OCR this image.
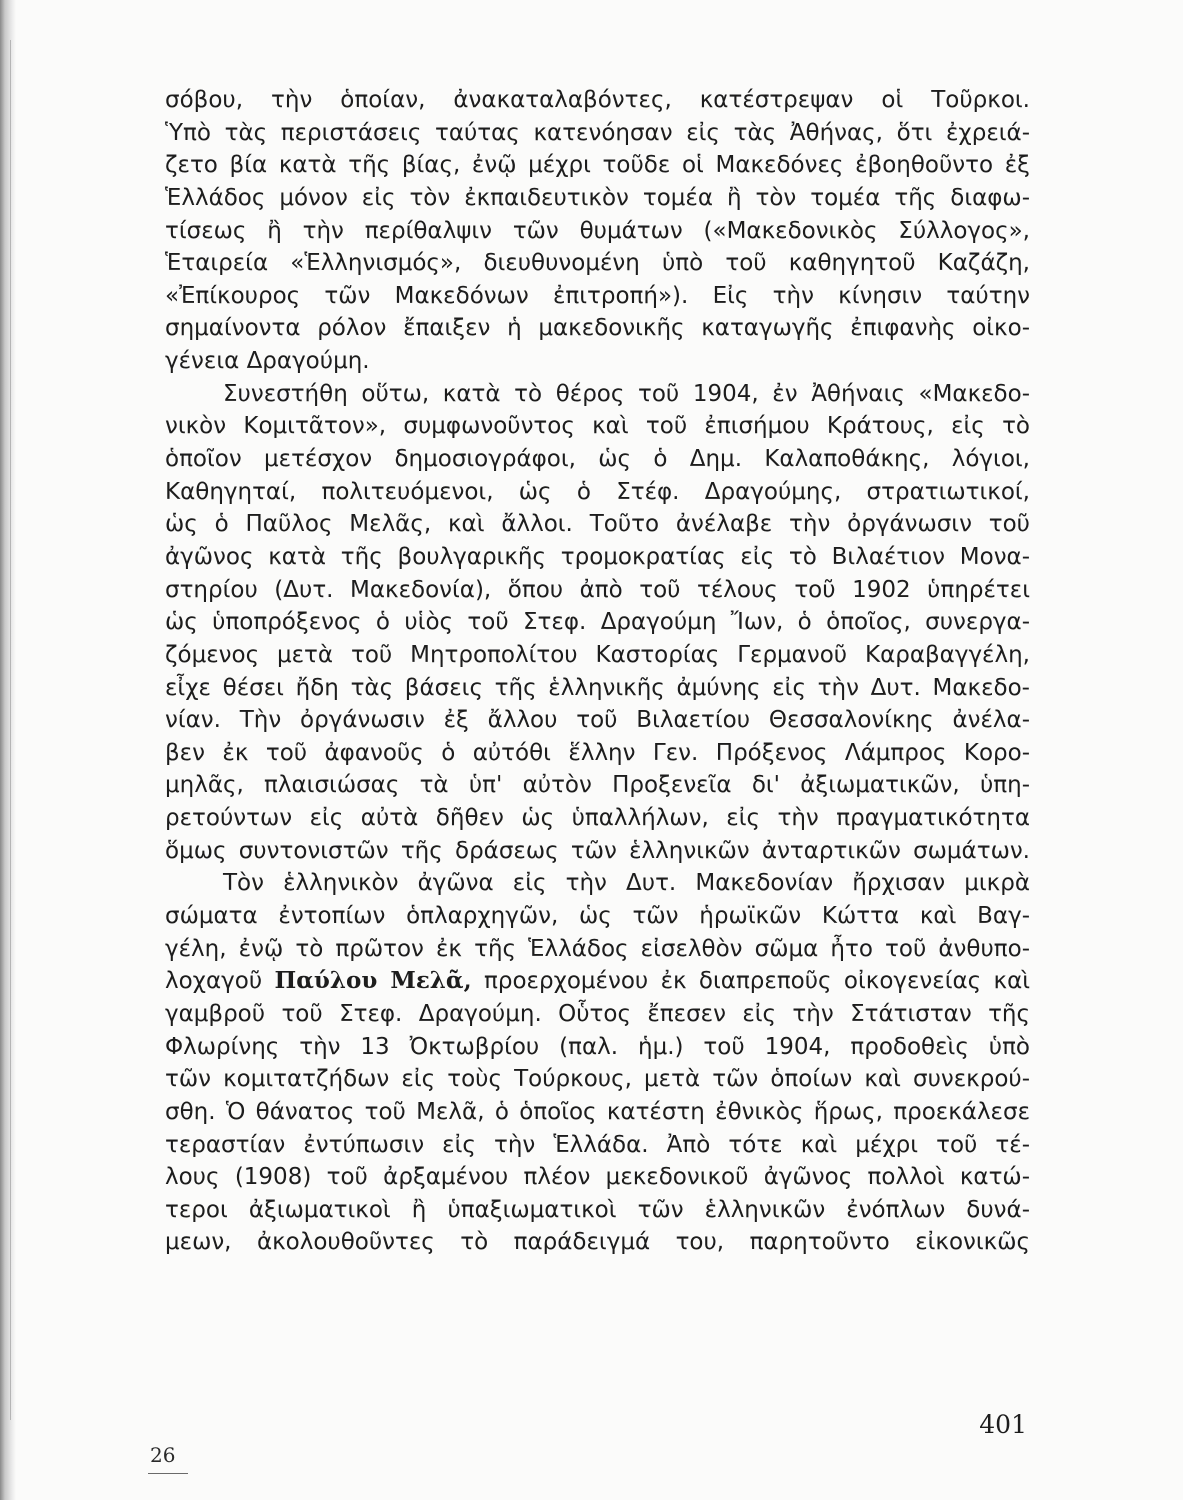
σόβου, τὴν ὁποίαν, ἀνακαταλαβόντες, κατέστρεψαν οἱ Τοῦρκοι.
Ὑπὸ τὰς περιστάσεις ταύτας κατενόησαν εἰς τὰς Ἀθήνας, ὅτι ἐχρειά-
ζετο βία κατὰ τῆς βίας, ἐνῷ μέχρι τοῦδε οἱ Μακεδόνες ἐβοηθοῦντο ἐξ
Ἑλλάδος μόνον εἰς τὸν ἐκπαιδευτικὸν τομέα ἢ τὸν τομέα τῆς διαφω-
τίσεως ἢ τὴν περίθαλψιν τῶν θυμάτων («Μακεδονικὸς Σύλλογος»,
Ἑταιρεία «Ἑλληνισμός», διευθυνομένη ὑπὸ τοῦ καθηγητοῦ Καζάζη,
«Ἐπίκουρος τῶν Μακεδόνων ἐπιτροπή»). Εἰς τὴν κίνησιν ταύτην
σημαίνοντα ρόλον ἔπαιξεν ἡ μακεδονικῆς καταγωγῆς ἐπιφανὴς οἰκο-
γένεια Δραγούμη.
Συνεστήθη οὕτω, κατὰ τὸ θέρος τοῦ 1904, ἐν Ἀθήναις «Μακεδο-
νικὸν Κομιτᾶτον», συμφωνοῦντος καὶ τοῦ ἐπισήμου Κράτους, εἰς τὸ
ὁποῖον μετέσχον δημοσιογράφοι, ὡς ὁ Δημ. Καλαποθάκης, λόγιοι,
Καθηγηταί, πολιτευόμενοι, ὡς ὁ Στέφ. Δραγούμης, στρατιωτικοί,
ὡς ὁ Παῦλος Μελᾶς, καὶ ἄλλοι. Τοῦτο ἀνέλαβε τὴν ὀργάνωσιν τοῦ
ἀγῶνος κατὰ τῆς βουλγαρικῆς τρομοκρατίας εἰς τὸ Βιλαέτιον Μονα-
στηρίου (Δυτ. Μακεδονία), ὅπου ἀπὸ τοῦ τέλους τοῦ 1902 ὑπηρέτει
ὡς ὑποπρόξενος ὁ υἱὸς τοῦ Στεφ. Δραγούμη Ἴων, ὁ ὁποῖος, συνεργα-
ζόμενος μετὰ τοῦ Μητροπολίτου Καστορίας Γερμανοῦ Καραβαγγέλη,
εἶχε θέσει ἤδη τὰς βάσεις τῆς ἑλληνικῆς ἀμύνης εἰς τὴν Δυτ. Μακεδο-
νίαν. Τὴν ὀργάνωσιν ἐξ ἄλλου τοῦ Βιλαετίου Θεσσαλονίκης ἀνέλα-
βεν ἐκ τοῦ ἀφανοῦς ὁ αὐτόθι ἕλλην Γεν. Πρόξενος Λάμπρος Κορο-
μηλᾶς, πλαισιώσας τὰ ὑπ' αὐτὸν Προξενεῖα δι' ἀξιωματικῶν, ὑπη-
ρετούντων εἰς αὐτὰ δῆθεν ὡς ὑπαλλήλων, εἰς τὴν πραγματικότητα
ὅμως συντονιστῶν τῆς δράσεως τῶν ἑλληνικῶν ἀνταρτικῶν σωμάτων.
Τὸν ἑλληνικὸν ἀγῶνα εἰς τὴν Δυτ. Μακεδονίαν ἤρχισαν μικρὰ
σώματα ἐντοπίων ὁπλαρχηγῶν, ὡς τῶν ἡρωϊκῶν Κώττα καὶ Βαγ-
γέλη, ἐνῷ τὸ πρῶτον ἐκ τῆς Ἑλλάδος εἰσελθὸν σῶμα ἦτο τοῦ ἀνθυπο-
λοχαγοῦ Παύλου Μελᾶ, προερχομένου ἐκ διαπρεποῦς οἰκογενείας καὶ
γαμβροῦ τοῦ Στεφ. Δραγούμη. Οὗτος ἔπεσεν εἰς τὴν Στάτισταν τῆς
Φλωρίνης τὴν 13 Ὀκτωβρίου (παλ. ἡμ.) τοῦ 1904, προδοθεὶς ὑπὸ
τῶν κομιτατζήδων εἰς τοὺς Τούρκους, μετὰ τῶν ὁποίων καὶ συνεκρού-
σθη. Ὁ θάνατος τοῦ Μελᾶ, ὁ ὁποῖος κατέστη ἐθνικὸς ἥρως, προεκάλεσε
τεραστίαν ἐντύπωσιν εἰς τὴν Ἑλλάδα. Ἀπὸ τότε καὶ μέχρι τοῦ τέ-
λους (1908) τοῦ ἀρξαμένου πλέον μεκεδονικοῦ ἀγῶνος πολλοὶ κατώ-
τεροι ἀξιωματικοὶ ἢ ὑπαξιωματικοὶ τῶν ἑλληνικῶν ἐνόπλων δυνά-
μεων, ἀκολουθοῦντες τὸ παράδειγμά του, παρητοῦντο εἰκονικῶς
401
26
